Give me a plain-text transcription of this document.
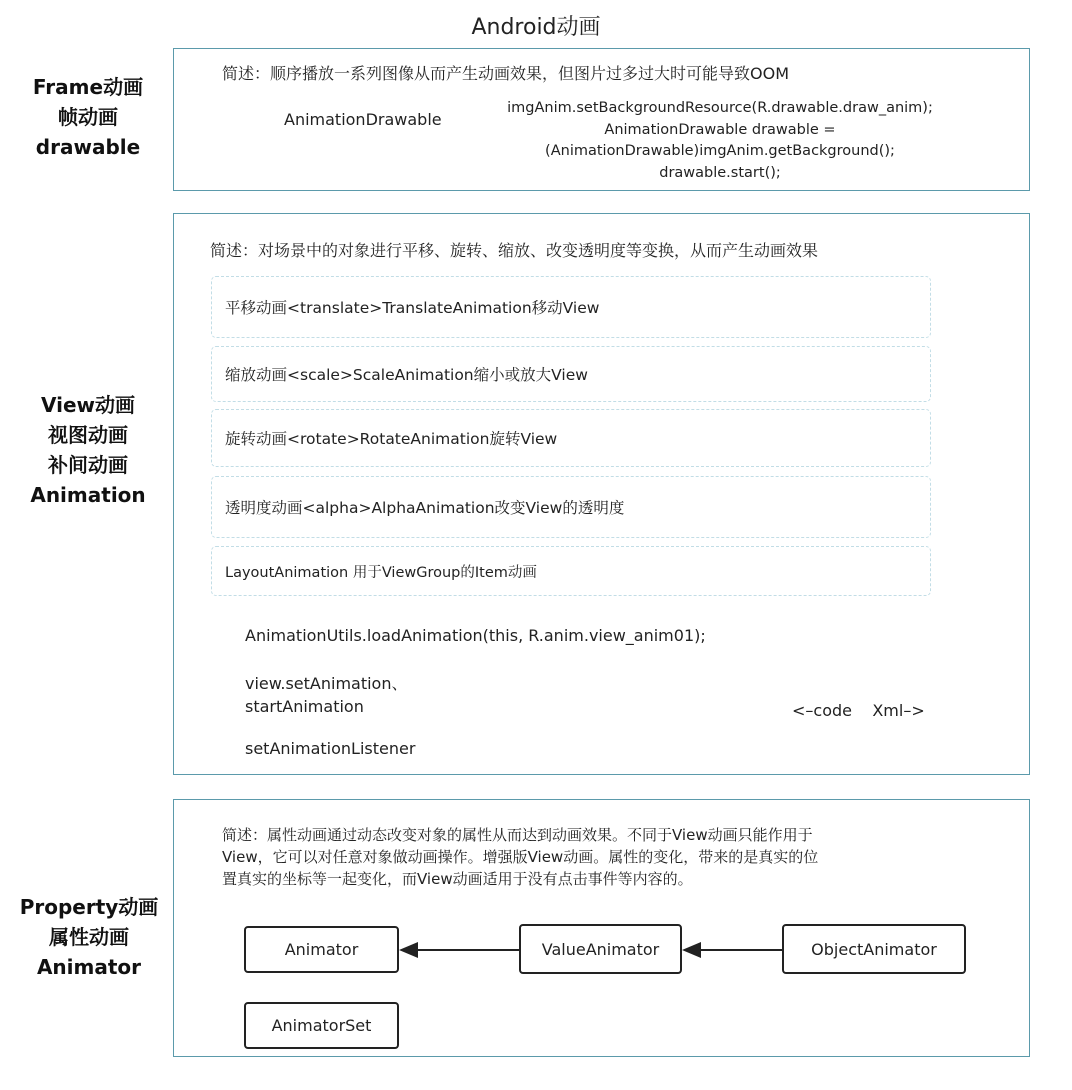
Android动画
Frame动画
帧动画
drawable
简述：顺序播放一系列图像从而产生动画效果，但图片过多过大时可能导致OOM
AnimationDrawable
imgAnim.setBackgroundResource(R.drawable.draw_anim);
AnimationDrawable drawable =
(AnimationDrawable)imgAnim.getBackground();
drawable.start();
View动画
视图动画
补间动画
Animation
简述：对场景中的对象进行平移、旋转、缩放、改变透明度等变换，从而产生动画效果
平移动画<translate>TranslateAnimation移动View
缩放动画<scale>ScaleAnimation缩小或放大View
旋转动画<rotate>RotateAnimation旋转View
透明度动画<alpha>AlphaAnimation改变View的透明度
LayoutAnimation 用于ViewGroup的Item动画
AnimationUtils.loadAnimation(this, R.anim.view_anim01);
view.setAnimation、
startAnimation	<–code    Xml–>
setAnimationListener
Property动画
属性动画
Animator
简述：属性动画通过动态改变对象的属性从而达到动画效果。不同于View动画只能作用于
View，它可以对任意对象做动画操作。增强版View动画。属性的变化，带来的是真实的位
置真实的坐标等一起变化，而View动画适用于没有点击事件等内容的。
Animator	ValueAnimator	ObjectAnimator
AnimatorSet
